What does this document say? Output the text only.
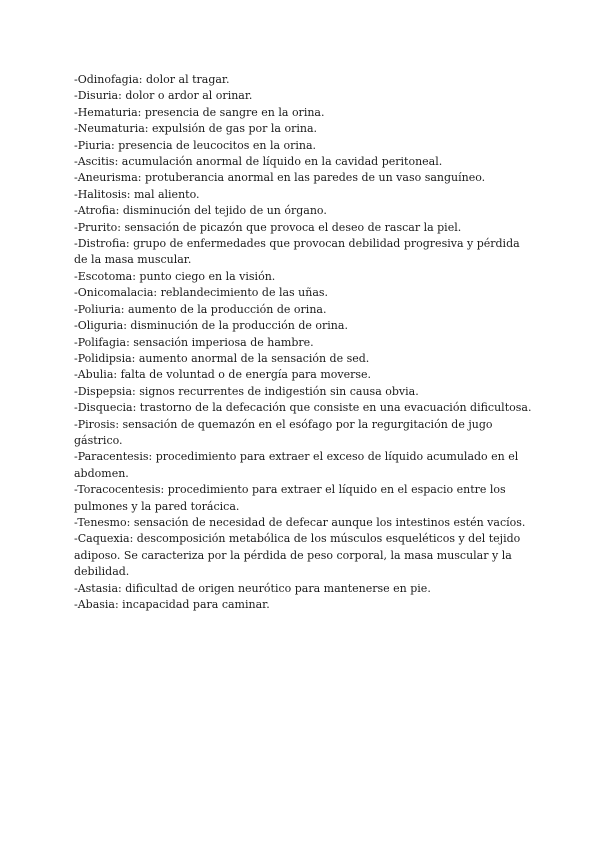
-Odinofagia: dolor al tragar.

-Disuria: dolor o ardor al orinar.

-Hematuria: presencia de sangre en la orina.

-Neumaturia: expulsión de gas por la orina.

-Piuria: presencia de leucocitos en la orina.

-Ascitis: acumulación anormal de líquido en la cavidad peritoneal.

-Aneurisma: protuberancia anormal en las paredes de un vaso sanguíneo.

-Halitosis: mal aliento.

-Atrofia: disminución del tejido de un órgano.

-Prurito: sensación de picazón que provoca el deseo de rascar la piel.

-Distrofia: grupo de enfermedades que provocan debilidad progresiva y pérdida de la masa muscular.

-Escotoma: punto ciego en la visión.

-Onicomalacia: reblandecimiento de las uñas.

-Poliuria: aumento de la producción de orina.

-Oliguria: disminución de la producción de orina.

-Polifagia: sensación imperiosa de hambre.

-Polidipsia: aumento anormal de la sensación de sed.

-Abulia: falta de voluntad o de energía para moverse.

-Dispepsia: signos recurrentes de indigestión sin causa obvia.

-Disquecia: trastorno de la defecación que consiste en una evacuación dificultosa.

-Pirosis: sensación de quemazón en el esófago por la regurgitación de jugo gástrico.

-Paracentesis: procedimiento para extraer el exceso de líquido acumulado en el abdomen.

-Toracocentesis: procedimiento para extraer el líquido en el espacio entre los pulmones y la pared torácica.

-Tenesmo: sensación de necesidad de defecar aunque los intestinos estén vacíos.

-Caquexia: descomposición metabólica de los músculos esqueléticos y del tejido adiposo. Se caracteriza por la pérdida de peso corporal, la masa muscular y la debilidad.

-Astasia: dificultad de origen neurótico para mantenerse en pie.

-Abasia: incapacidad para caminar.
